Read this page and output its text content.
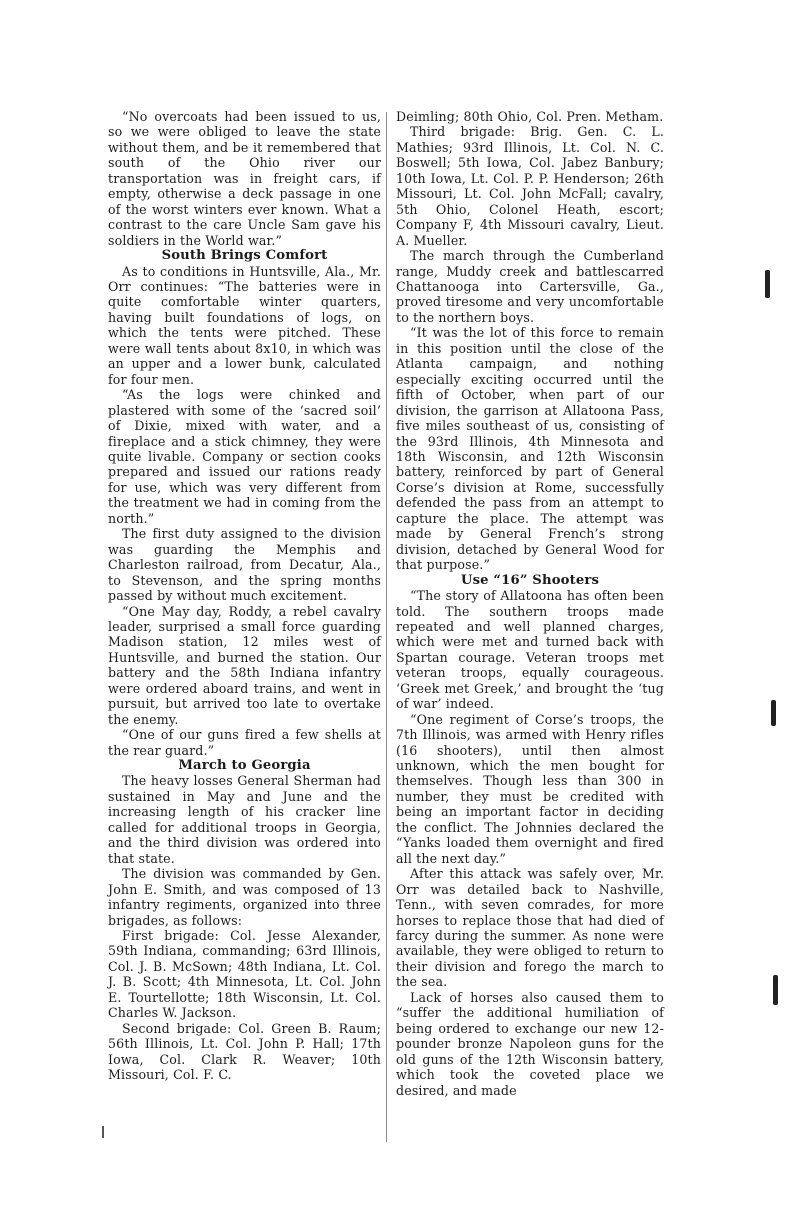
“No overcoats had been issued to us, so we were obliged to leave the state without them, and be it remembered that south of the Ohio river our transportation was in freight cars, if empty, otherwise a deck passage in one of the worst winters ever known. What a contrast to the care Uncle Sam gave his soldiers in the World war.”

South Brings Comfort

As to conditions in Huntsville, Ala., Mr. Orr continues: “The batteries were in quite comfortable winter quarters, having built foundations of logs, on which the tents were pitched. These were wall tents about 8x10, in which was an upper and a lower bunk, calculated for four men.

“As the logs were chinked and plastered with some of the ‘sacred soil’ of Dixie, mixed with water, and a fireplace and a stick chimney, they were quite livable. Company or section cooks prepared and issued our rations ready for use, which was very different from the treatment we had in coming from the north.”

The first duty assigned to the division was guarding the Memphis and Charleston railroad, from Decatur, Ala., to Stevenson, and the spring months passed by without much excitement.

“One May day, Roddy, a rebel cavalry leader, surprised a small force guarding Madison station, 12 miles west of Huntsville, and burned the station. Our battery and the 58th Indiana infantry were ordered aboard trains, and went in pursuit, but arrived too late to overtake the enemy.

“One of our guns fired a few shells at the rear guard.”

March to Georgia

The heavy losses General Sherman had sustained in May and June and the increasing length of his cracker line called for additional troops in Georgia, and the third division was ordered into that state.

The division was commanded by Gen. John E. Smith, and was composed of 13 infantry regiments, organized into three brigades, as follows:

First brigade: Col. Jesse Alexander, 59th Indiana, commanding; 63rd Illinois, Col. J. B. McSown; 48th Indiana, Lt. Col. J. B. Scott; 4th Minnesota, Lt. Col. John E. Tourtellotte; 18th Wisconsin, Lt. Col. Charles W. Jackson.

Second brigade: Col. Green B. Raum; 56th Illinois, Lt. Col. John P. Hall; 17th Iowa, Col. Clark R. Weaver; 10th Missouri, Col. F. C.

Deimling; 80th Ohio, Col. Pren. Metham.

Third brigade: Brig. Gen. C. L. Mathies; 93rd Illinois, Lt. Col. N. C. Boswell; 5th Iowa, Col. Jabez Banbury; 10th Iowa, Lt. Col. P. P. Henderson; 26th Missouri, Lt. Col. John McFall; cavalry, 5th Ohio, Colonel Heath, escort; Company F, 4th Missouri cavalry, Lieut. A. Mueller.

The march through the Cumberland range, Muddy creek and battlescarred Chattanooga into Cartersville, Ga., proved tiresome and very uncomfortable to the northern boys.

“It was the lot of this force to remain in this position until the close of the Atlanta campaign, and nothing especially exciting occurred until the fifth of October, when part of our division, the garrison at Allatoona Pass, five miles southeast of us, consisting of the 93rd Illinois, 4th Minnesota and 18th Wisconsin, and 12th Wisconsin battery, reinforced by part of General Corse’s division at Rome, successfully defended the pass from an attempt to capture the place. The attempt was made by General French’s strong division, detached by General Wood for that purpose.”

Use “16” Shooters

“The story of Allatoona has often been told. The southern troops made repeated and well planned charges, which were met and turned back with Spartan courage. Veteran troops met veteran troops, equally courageous. ‘Greek met Greek,’ and brought the ‘tug of war’ indeed.

“One regiment of Corse’s troops, the 7th Illinois, was armed with Henry rifles (16 shooters), until then almost unknown, which the men bought for themselves. Though less than 300 in number, they must be credited with being an important factor in deciding the conflict. The Johnnies declared the “Yanks loaded them overnight and fired all the next day.”

After this attack was safely over, Mr. Orr was detailed back to Nashville, Tenn., with seven comrades, for more horses to replace those that had died of farcy during the summer. As none were available, they were obliged to return to their division and forego the march to the sea.

Lack of horses also caused them to “suffer the additional humiliation of being ordered to exchange our new 12-pounder bronze Napoleon guns for the old guns of the 12th Wisconsin battery, which took the coveted place we desired, and made
